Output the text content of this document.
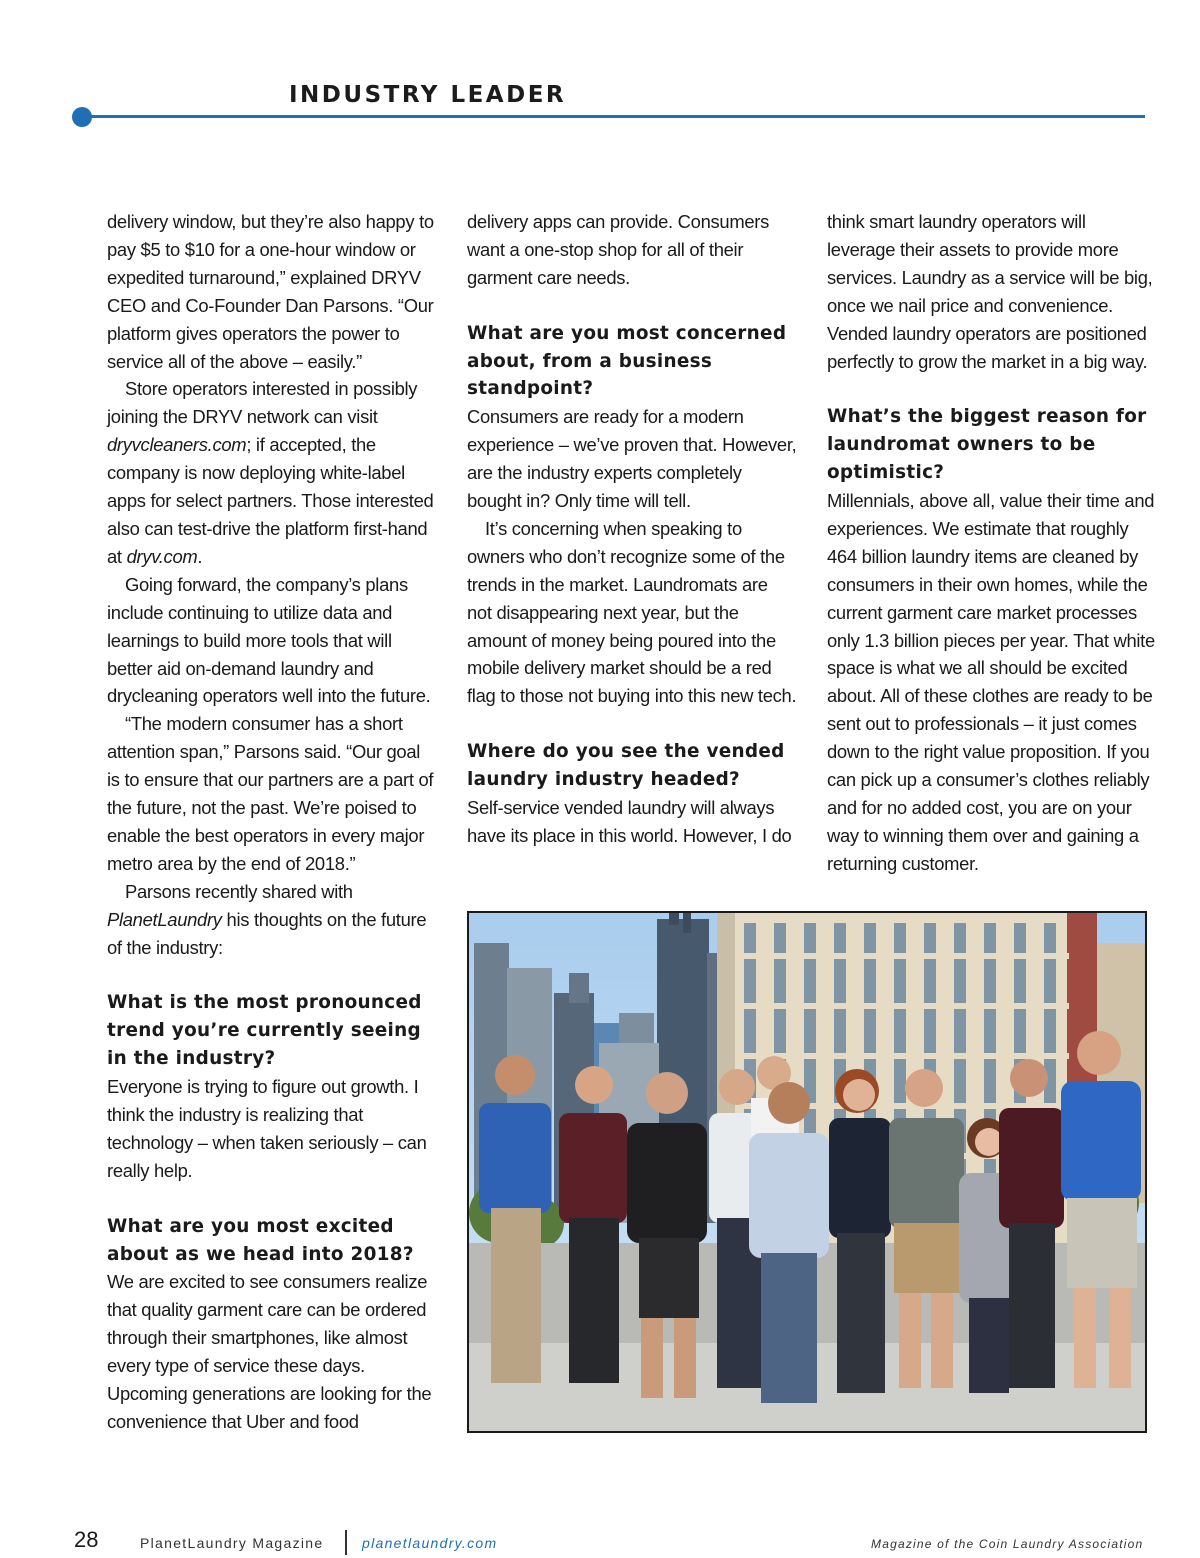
INDUSTRY LEADER

delivery window, but they’re also happy to pay $5 to $10 for a one-hour window or expedited turnaround,” explained DRYV CEO and Co-Founder Dan Parsons. “Our platform gives operators the power to service all of the above – easily.”

Store operators interested in possibly joining the DRYV network can visit dryvcleaners.com; if accepted, the company is now deploying white-label apps for select partners. Those interested also can test-drive the platform first-hand at dryv.com.

Going forward, the company’s plans include continuing to utilize data and learnings to build more tools that will better aid on-demand laundry and drycleaning operators well into the future.

“The modern consumer has a short attention span,” Parsons said. “Our goal is to ensure that our partners are a part of the future, not the past. We’re poised to enable the best operators in every major metro area by the end of 2018.”

Parsons recently shared with PlanetLaundry his thoughts on the future of the industry:

What is the most pronounced trend you’re currently seeing in the industry?

Everyone is trying to figure out growth. I think the industry is realizing that technology – when taken seriously – can really help.

What are you most excited about as we head into 2018?

We are excited to see consumers realize that quality garment care can be ordered through their smartphones, like almost every type of service these days. Upcoming generations are looking for the convenience that Uber and food

delivery apps can provide. Consumers want a one-stop shop for all of their garment care needs.

What are you most concerned about, from a business standpoint?

Consumers are ready for a modern experience – we’ve proven that. However, are the industry experts completely bought in? Only time will tell.

It’s concerning when speaking to owners who don’t recognize some of the trends in the market. Laundromats are not disappearing next year, but the amount of money being poured into the mobile delivery market should be a red flag to those not buying into this new tech.

Where do you see the vended laundry industry headed?

Self-service vended laundry will always have its place in this world. However, I do

think smart laundry operators will leverage their assets to provide more services. Laundry as a service will be big, once we nail price and convenience. Vended laundry operators are positioned perfectly to grow the market in a big way.

What’s the biggest reason for laundromat owners to be optimistic?

Millennials, above all, value their time and experiences. We estimate that roughly 464 billion laundry items are cleaned by consumers in their own homes, while the current garment care market processes only 1.3 billion pieces per year. That white space is what we all should be excited about. All of these clothes are ready to be sent out to professionals – it just comes down to the right value proposition. If you can pick up a consumer’s clothes reliably and for no added cost, you are on your way to winning them over and gaining a returning customer.

28	PlanetLaundry Magazine	planetlaundry.com	Magazine of the Coin Laundry Association
